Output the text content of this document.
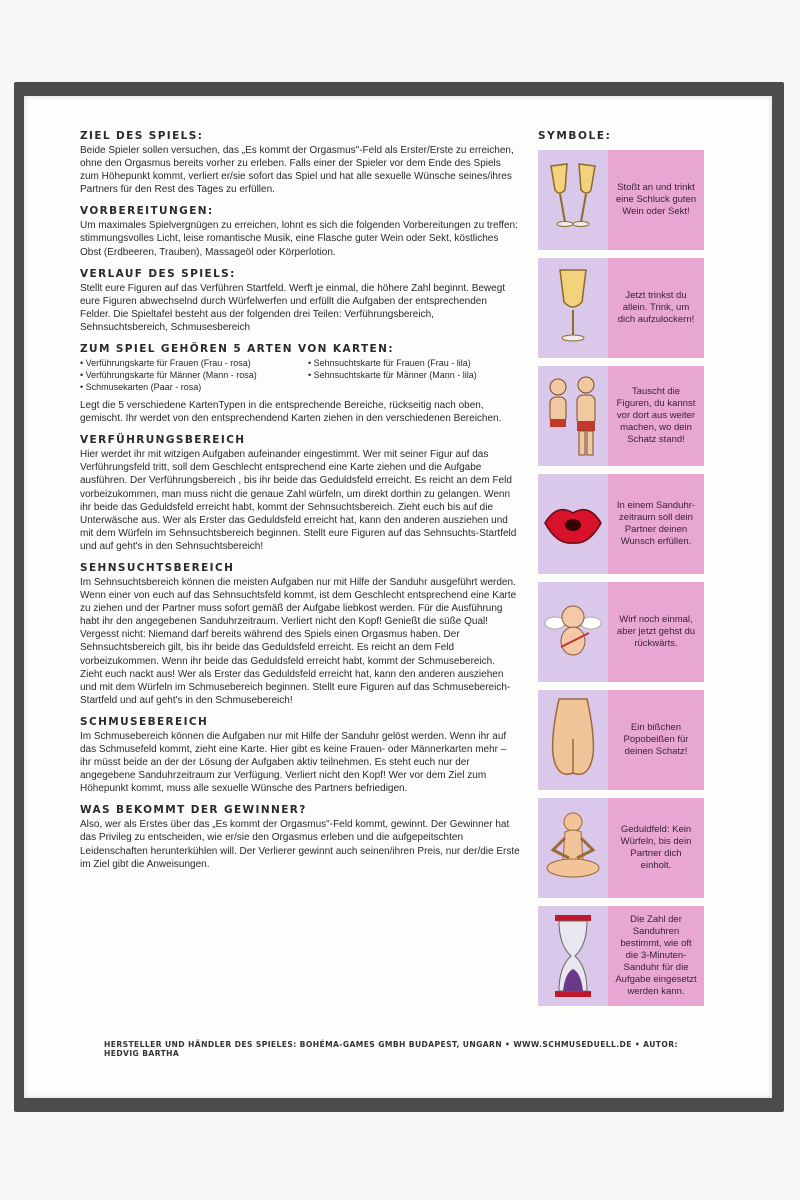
ZIEL DES SPIELS:

Beide Spieler sollen versuchen, das „Es kommt der Orgasmus"-Feld als Erster/Erste zu erreichen, ohne den Orgasmus bereits vorher zu erleben. Falls einer der Spieler vor dem Ende des Spiels zum Höhepunkt kommt, verliert er/sie sofort das Spiel und hat alle sexuelle Wünsche seines/ihres Partners für den Rest des Tages zu erfüllen.

VORBEREITUNGEN:

Um maximales Spielvergnügen zu erreichen, lohnt es sich die folgenden Vorbereitungen zu treffen: stimmungsvolles Licht, leise romantische Musik, eine Flasche guter Wein oder Sekt, köstliches Obst (Erdbeeren, Trauben), Massageöl oder Körperlotion.

VERLAUF DES SPIELS:

Stellt eure Figuren auf das Verführen Startfeld. Werft je einmal, die höhere Zahl beginnt. Bewegt eure Figuren abwechselnd durch Würfelwerfen und erfüllt die Aufgaben der entsprechenden Felder. Die Spieltafel besteht aus der folgenden drei Teilen: Verführungsbereich, Sehnsuchtsbereich, Schmusesbereich

ZUM SPIEL GEHÖREN 5 ARTEN VON KARTEN:
• Verführungskarte für Frauen (Frau - rosa)	• Sehnsuchtskarte für Frauen (Frau - lila)
• Verführungskarte für Männer (Mann - rosa)	• Sehnsuchtskarte für Männer (Mann - lila)
• Schmusekarten (Paar - rosa)

Legt die 5 verschiedene KartenTypen in die entsprechende Bereiche, rückseitig nach oben, gemischt. Ihr werdet von den entsprechendend Karten ziehen in den verschiedenen Bereichen.

VERFÜHRUNGSBEREICH

Hier werdet ihr mit witzigen Aufgaben aufeinander eingestimmt. Wer mit seiner Figur auf das Verführungsfeld tritt, soll dem Geschlecht entsprechend eine Karte ziehen und die Aufgabe ausführen. Der Verführungsbereich , bis ihr beide das Geduldsfeld erreicht. Es reicht an dem Feld vorbeizukommen, man muss nicht die genaue Zahl würfeln, um direkt dorthin zu gelangen. Wenn ihr beide das Geduldsfeld erreicht habt, kommt der Sehnsuchtsbereich. Zieht euch bis auf die Unterwäsche aus. Wer als Erster das Geduldsfeld erreicht hat, kann den anderen ausziehen und mit dem Würfeln im Sehnsuchtsbereich beginnen. Stellt eure Figuren auf das Sehnsuchts-Startfeld und auf geht's in den Sehnsuchtsbereich!

SEHNSUCHTSBEREICH

Im Sehnsuchtsbereich können die meisten Aufgaben nur mit Hilfe der Sanduhr ausgeführt werden. Wenn einer von euch auf das Sehnsuchtsfeld kommt, ist dem Geschlecht entsprechend eine Karte zu ziehen und der Partner muss sofort gemäß der Aufgabe liebkost werden. Für die Ausführung habt ihr den angegebenen Sanduhrzeitraum. Verliert nicht den Kopf! Genießt die süße Qual! Vergesst nicht: Niemand darf bereits während des Spiels einen Orgasmus haben. Der Sehnsuchtsbereich gilt, bis ihr beide das Geduldsfeld erreicht. Es reicht an dem Feld vorbeizukommen. Wenn ihr beide das Geduldsfeld erreicht habt, kommt der Schmusebereich. Zieht euch nackt aus! Wer als Erster das Geduldsfeld erreicht hat, kann den anderen ausziehen und mit dem Würfeln im Schmusebereich beginnen. Stellt eure Figuren auf das Schmusebereich-Startfeld und auf geht's in den Schmusebereich!

SCHMUSEBEREICH

Im Schmusebereich können die Aufgaben nur mit Hilfe der Sanduhr gelöst werden. Wenn ihr auf das Schmusefeld kommt, zieht eine Karte. Hier gibt es keine Frauen- oder Männerkarten mehr – ihr müsst beide an der der Lösung der Aufgaben aktiv teilnehmen. Es steht euch nur der angegebene Sanduhrzeitraum zur Verfügung. Verliert nicht den Kopf! Wer vor dem Ziel zum Höhepunkt kommt, muss alle sexuelle Wünsche des Partners befriedigen.

WAS BEKOMMT DER GEWINNER?

Also, wer als Erstes über das „Es kommt der Orgasmus"-Feld kommt, gewinnt. Der Gewinner hat das Privileg zu entscheiden, wie er/sie den Orgasmus erleben und die aufgepeitschten Leidenschaften herunterkühlen will. Der Verlierer gewinnt auch seinen/ihren Preis, nur der/die Erste im Ziel gibt die Anweisungen.

SYMBOLE:
Stoßt an und trinkt eine Schluck guten Wein oder Sekt!
Jetzt trinkst du allein. Trink, um dich aufzulockern!
Tauscht die Figuren, du kannst vor dort aus weiter machen, wo dein Schatz stand!
In einem Sanduhr-zeitraum soll dein Partner deinen Wunsch erfüllen.
Wirf noch einmal, aber jetzt gehst du rückwärts.
Ein bißchen Popobeißen für deinen Schatz!
Geduldfeld: Kein Würfeln, bis dein Partner dich einholt.
Die Zahl der Sanduhren bestimmt, wie oft die 3-Minuten-Sanduhr für die Aufgabe eingesetzt werden kann.
HERSTELLER UND HÄNDLER DES SPIELES: BOHÉMA-GAMES GMBH BUDAPEST, UNGARN • WWW.SCHMUSEDUELL.DE • AUTOR: HEDVIG BARTHA
